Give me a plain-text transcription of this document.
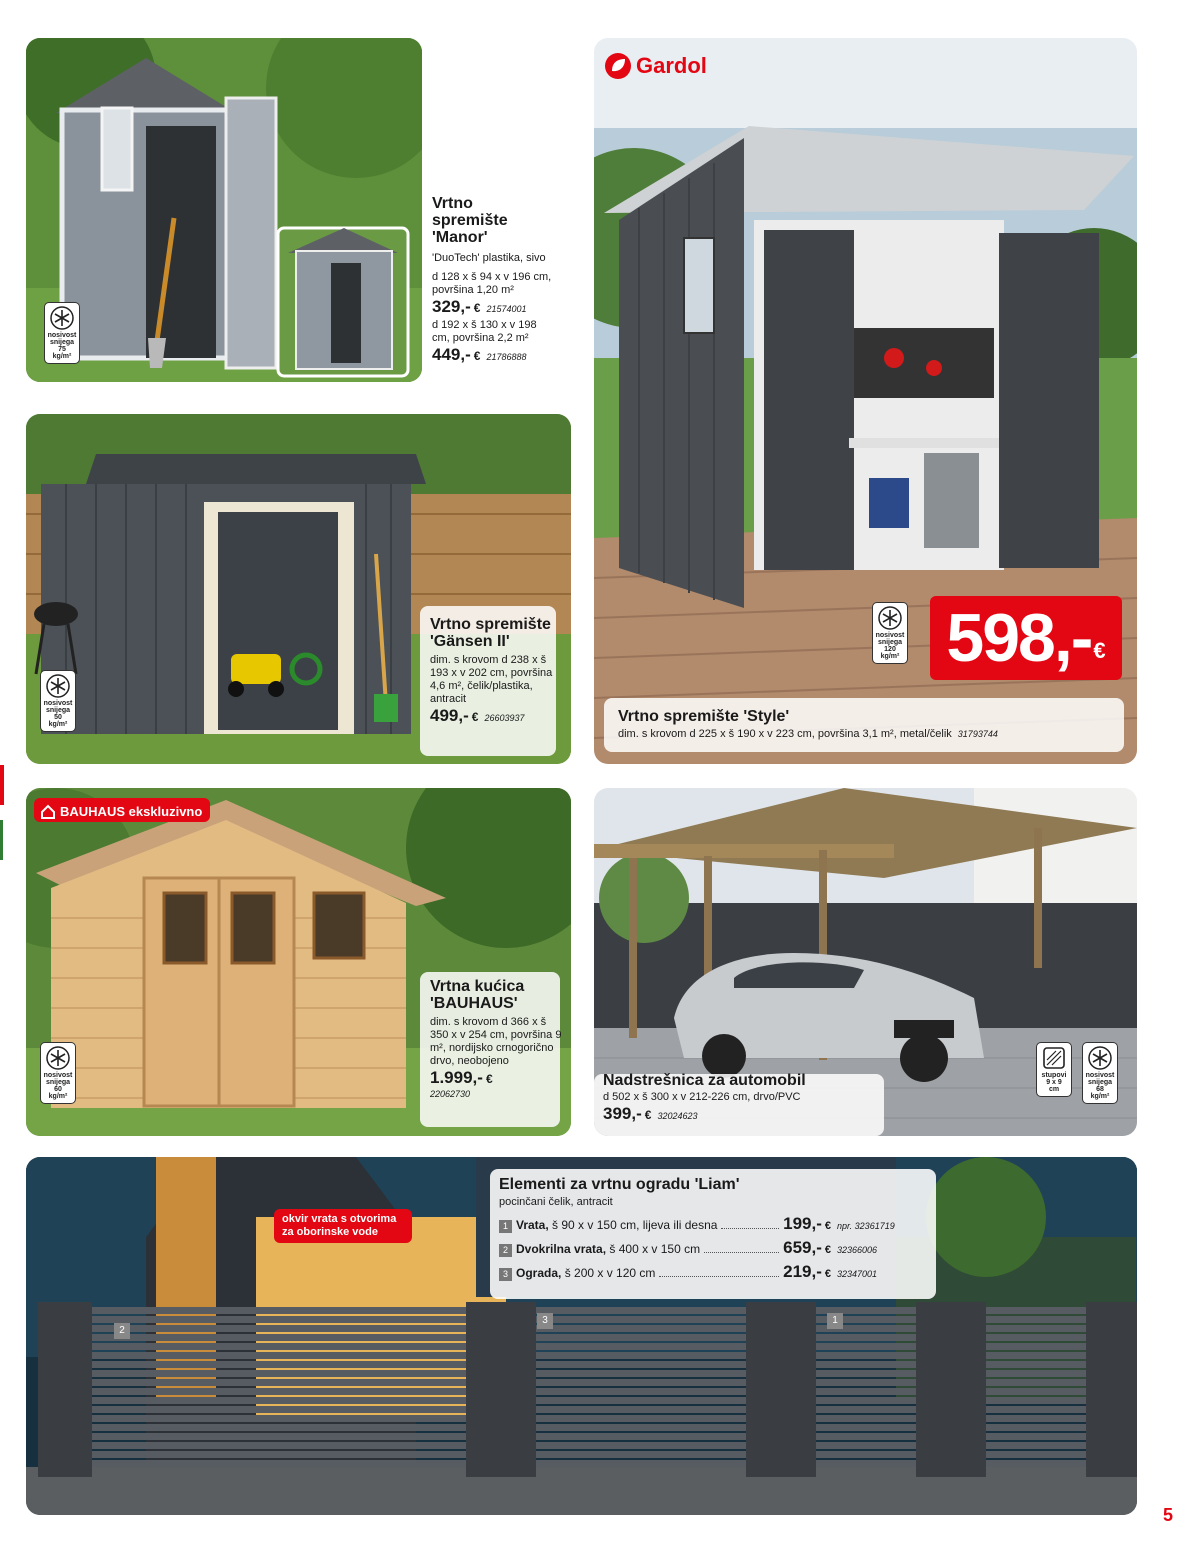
nosivost
snijega
75
kg/m²
Vrtno spremište 'Manor'
'DuoTech' plastika, sivo
d 128 x š 94 x v 196 cm, površina 1,20 m²
329,- € 21574001
d 192 x š 130 x v 198 cm, površina 2,2 m²
449,- € 21786888
nosivost
snijega
50
kg/m²
Vrtno spremište 'Gänsen II'
dim. s krovom d 238 x š 193 x v 202 cm, površina 4,6 m², čelik/plastika, antracit
499,- € 26603937
Gardol
nosivost
snijega
120
kg/m² 598,- €
Vrtno spremište 'Style'
dim. s krovom d 225 x š 190 x v 223 cm, površina 3,1 m², metal/čelik 31793744
BAUHAUS ekskluzivno
nosivost
snijega
60
kg/m²
Vrtna kućica 'BAUHAUS'
dim. s krovom d 366 x š 350 x v 254 cm, površina 9 m², nordijsko crnogorično drvo, neobojeno
1.999,- €
22062730
stupovi
9 x 9
cm
nosivost
snijega
68
kg/m²
Nadstrešnica za automobil
d 502 x š 300 x v 212-226 cm, drvo/PVC
399,- € 32024623
okvir vrata s otvorima za oborinske vode
2
3	1
Elementi za vrtnu ogradu 'Liam'
pocinčani čelik, antracit
1 Vrata, š 90 x v 150 cm, lijeva ili desna	199,- € npr. 32361719
2 Dvokrilna vrata, š 400 x v 150 cm	659,- € 32366006
3 Ograda, š 200 x v 120 cm	219,- € 32347001
5
